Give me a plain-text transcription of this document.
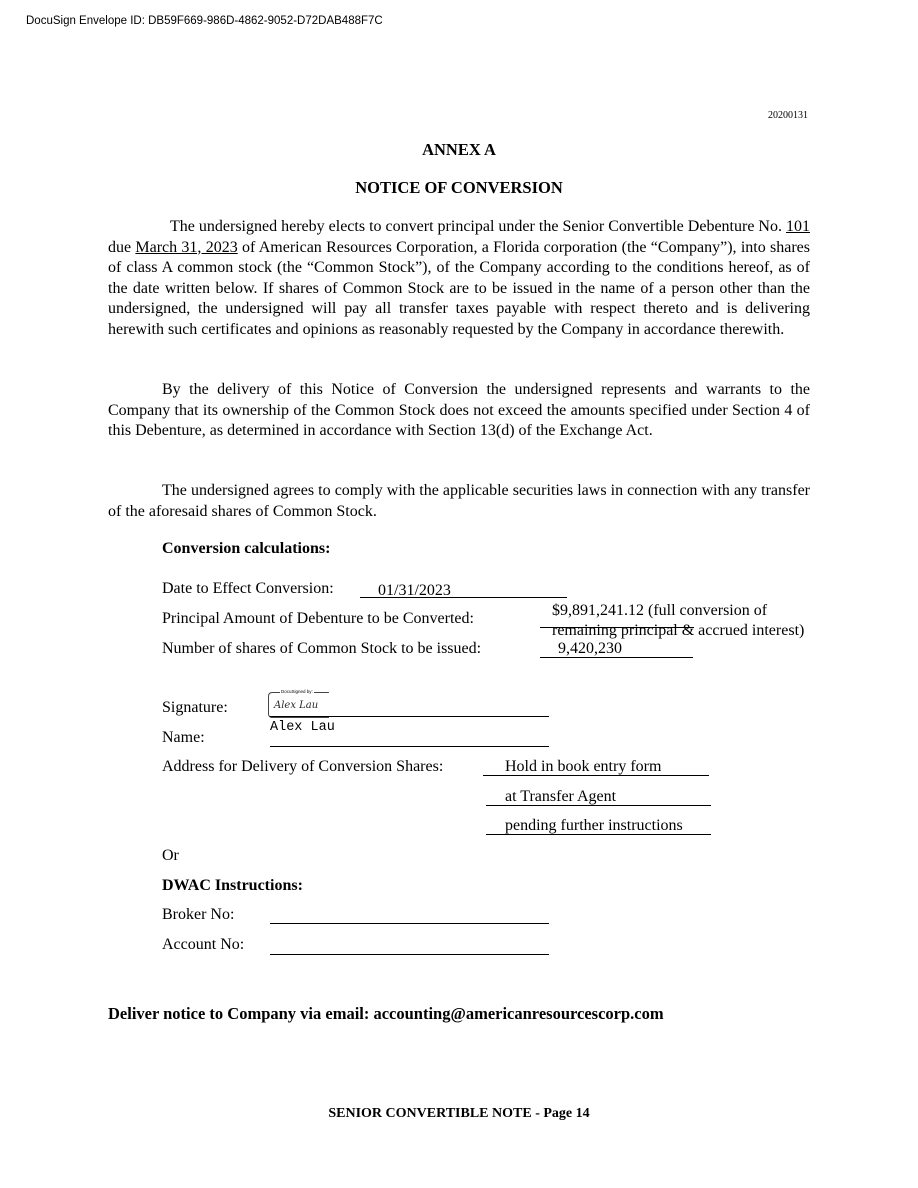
DocuSign Envelope ID: DB59F669-986D-4862-9052-D72DAB488F7C
20200131
ANNEX A
NOTICE OF CONVERSION

The undersigned hereby elects to convert principal under the Senior Convertible Debenture No. 101 due March 31, 2023 of American Resources Corporation, a Florida corporation (the “Company”), into shares of class A common stock (the “Common Stock”), of the Company according to the conditions hereof, as of the date written below. If shares of Common Stock are to be issued in the name of a person other than the undersigned, the undersigned will pay all transfer taxes payable with respect thereto and is delivering herewith such certificates and opinions as reasonably requested by the Company in accordance therewith.

By the delivery of this Notice of Conversion the undersigned represents and warrants to the Company that its ownership of the Common Stock does not exceed the amounts specified under Section 4 of this Debenture, as determined in accordance with Section 13(d) of the Exchange Act.

The undersigned agrees to comply with the applicable securities laws in connection with any transfer of the aforesaid shares of Common Stock.

Conversion calculations:
Date to Effect Conversion:	01/31/2023
Principal Amount of Debenture to be Converted:	$9,891,241.12 (full conversion of
remaining principal & accrued interest)
Number of shares of Common Stock to be issued:	9,420,230
Signature:
DocuSigned by:
Alex Lau
Name:
Alex Lau
Address for Delivery of Conversion Shares:	Hold in book entry form
at Transfer Agent
pending further instructions
Or
DWAC Instructions:
Broker No:
Account No:
Deliver notice to Company via email: accounting@americanresourcescorp.com
SENIOR CONVERTIBLE NOTE - Page 14
